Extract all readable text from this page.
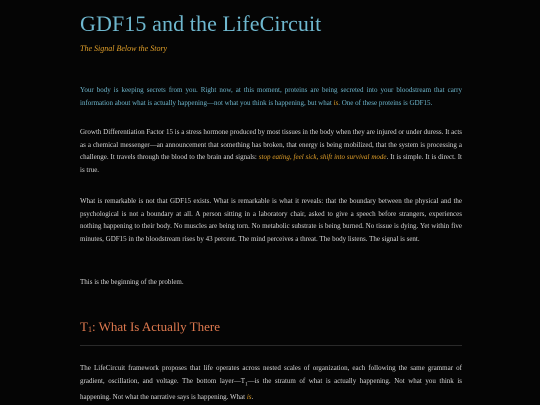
GDF15 and the LifeCircuit

The Signal Below the Story

Your body is keeping secrets from you. Right now, at this moment, proteins are being secreted into your bloodstream that carry information about what is actually happening—not what you think is happening, but what is. One of these proteins is GDF15.

Growth Differentiation Factor 15 is a stress hormone produced by most tissues in the body when they are injured or under duress. It acts as a chemical messenger—an announcement that something has broken, that energy is being mobilized, that the system is processing a challenge. It travels through the blood to the brain and signals: stop eating, feel sick, shift into survival mode. It is simple. It is direct. It is true.

What is remarkable is not that GDF15 exists. What is remarkable is what it reveals: that the boundary between the physical and the psychological is not a boundary at all. A person sitting in a laboratory chair, asked to give a speech before strangers, experiences nothing happening to their body. No muscles are being torn. No metabolic substrate is being burned. No tissue is dying. Yet within five minutes, GDF15 in the bloodstream rises by 43 percent. The mind perceives a threat. The body listens. The signal is sent.

This is the beginning of the problem.

$T_1$: What Is Actually There

The LifeCircuit framework proposes that life operates across nested scales of organization, each following the same grammar of gradient, oscillation, and voltage. The bottom $layer—T_1—is$ the stratum of what is actually happening. Not what you think is happening. Not what the narrative says is happening. What is.
